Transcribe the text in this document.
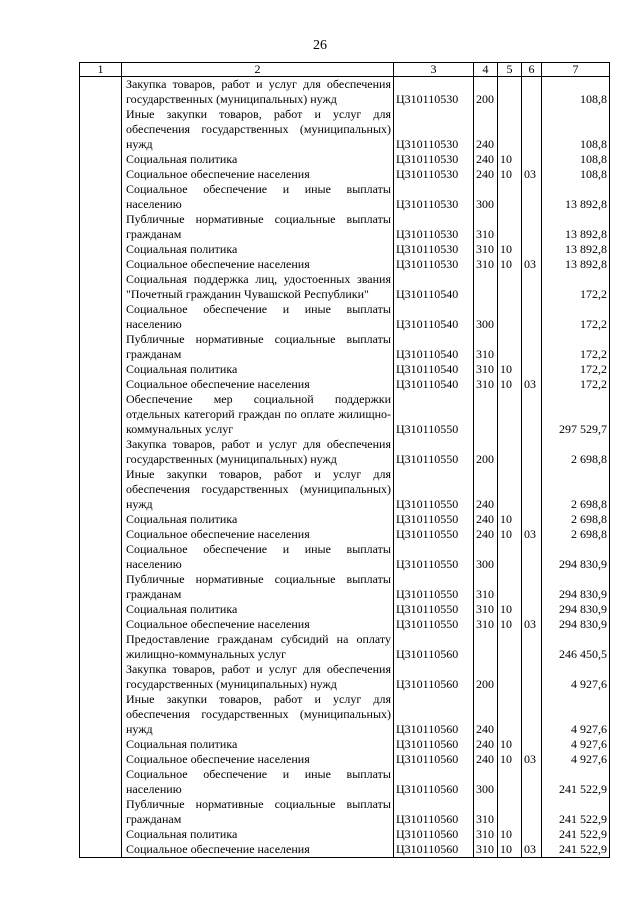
26
1	2	3	4	5	6	7
	Закупка товаров, работ и услуг для обеспечения государственных (муниципальных) нужд	Ц310110530	200			108,8
	Иные закупки товаров, работ и услуг для обеспечения государственных (муниципальных) нужд	Ц310110530	240			108,8
	Социальная политика	Ц310110530	240	10		108,8
	Социальное обеспечение населения	Ц310110530	240	10	03	108,8
	Социальное обеспечение и иные выплаты населению	Ц310110530	300			13 892,8
	Публичные нормативные социальные выплаты гражданам	Ц310110530	310			13 892,8
	Социальная политика	Ц310110530	310	10		13 892,8
	Социальное обеспечение населения	Ц310110530	310	10	03	13 892,8
	Социальная поддержка лиц, удостоенных звания "Почетный гражданин Чувашской Республики"	Ц310110540				172,2
	Социальное обеспечение и иные выплаты населению	Ц310110540	300			172,2
	Публичные нормативные социальные выплаты гражданам	Ц310110540	310			172,2
	Социальная политика	Ц310110540	310	10		172,2
	Социальное обеспечение населения	Ц310110540	310	10	03	172,2
	Обеспечение мер социальной поддержки отдельных категорий граждан по оплате жилищно-коммунальных услуг	Ц310110550				297 529,7
	Закупка товаров, работ и услуг для обеспечения государственных (муниципальных) нужд	Ц310110550	200			2 698,8
	Иные закупки товаров, работ и услуг для обеспечения государственных (муниципальных) нужд	Ц310110550	240			2 698,8
	Социальная политика	Ц310110550	240	10		2 698,8
	Социальное обеспечение населения	Ц310110550	240	10	03	2 698,8
	Социальное обеспечение и иные выплаты населению	Ц310110550	300			294 830,9
	Публичные нормативные социальные выплаты гражданам	Ц310110550	310			294 830,9
	Социальная политика	Ц310110550	310	10		294 830,9
	Социальное обеспечение населения	Ц310110550	310	10	03	294 830,9
	Предоставление гражданам субсидий на оплату жилищно-коммунальных услуг	Ц310110560				246 450,5
	Закупка товаров, работ и услуг для обеспечения государственных (муниципальных) нужд	Ц310110560	200			4 927,6
	Иные закупки товаров, работ и услуг для обеспечения государственных (муниципальных) нужд	Ц310110560	240			4 927,6
	Социальная политика	Ц310110560	240	10		4 927,6
	Социальное обеспечение населения	Ц310110560	240	10	03	4 927,6
	Социальное обеспечение и иные выплаты населению	Ц310110560	300			241 522,9
	Публичные нормативные социальные выплаты гражданам	Ц310110560	310			241 522,9
	Социальная политика	Ц310110560	310	10		241 522,9
	Социальное обеспечение населения	Ц310110560	310	10	03	241 522,9
